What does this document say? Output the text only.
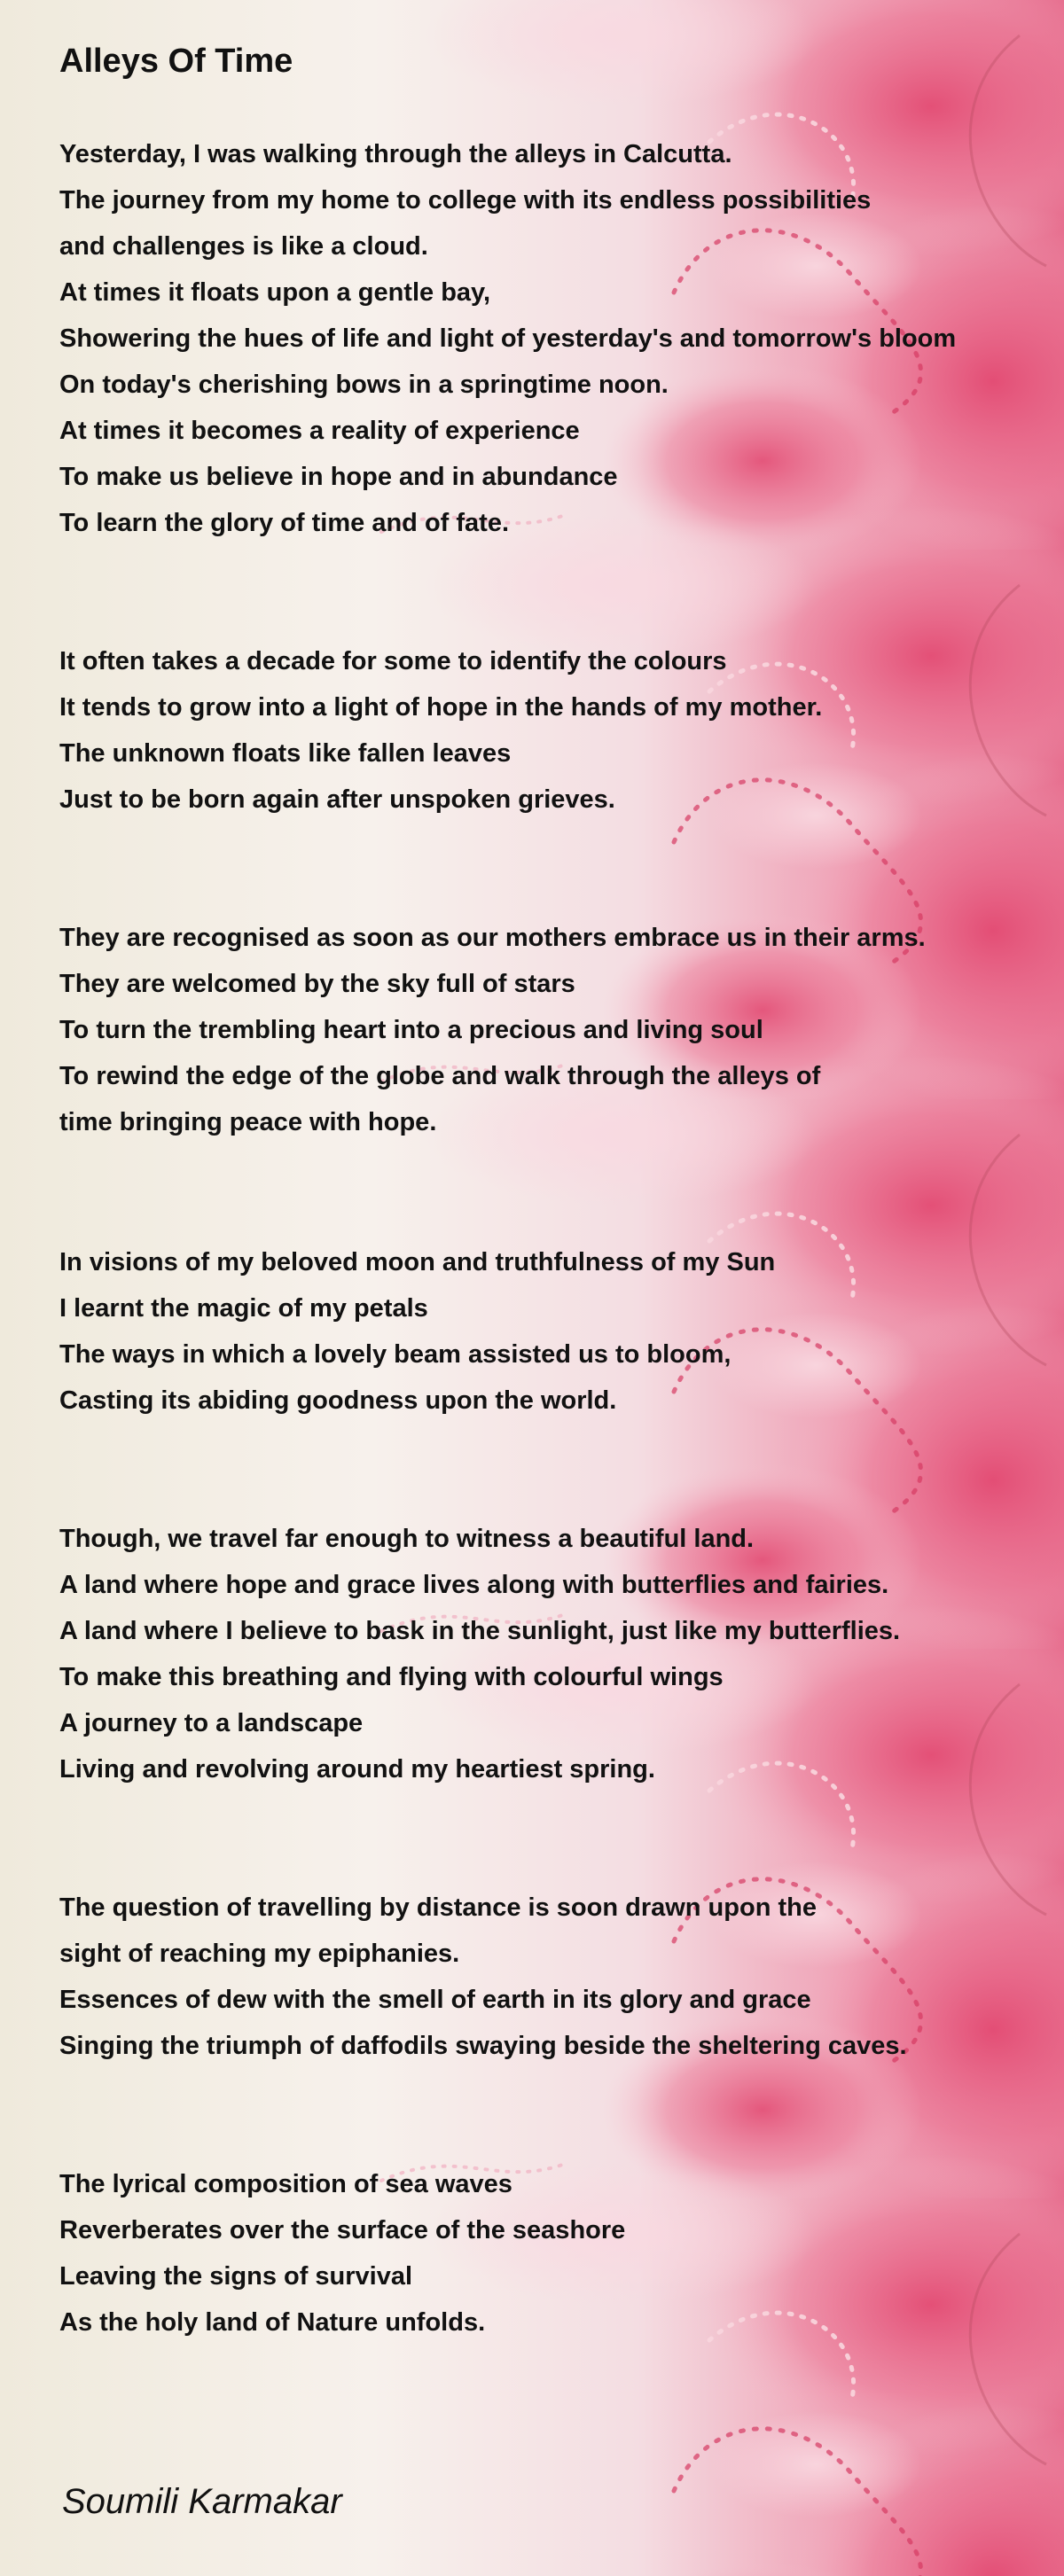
Alleys Of Time
Yesterday, I was walking through the alleys in Calcutta.
The journey from my home to college with its endless possibilities
and challenges is like a cloud.
At times it floats upon a gentle bay,
Showering the hues of life and light of yesterday's and tomorrow's bloom
On today's cherishing bows in a springtime noon.
At times it becomes a reality of experience
To make us believe in hope and in abundance
To learn the glory of time and of fate.
It often takes a decade for some to identify the colours
It tends to grow into a light of hope in the hands of my mother.
The unknown floats like fallen leaves
Just to be born again after unspoken grieves.
They are recognised as soon as our mothers embrace us in their arms.
They are welcomed by the sky full of stars
To turn the trembling heart into a precious and living soul
To rewind the edge of the globe and walk through the alleys of
time bringing peace with hope.
In visions of my beloved moon and truthfulness of my Sun
I learnt the magic of my petals
The ways in which a lovely beam assisted us to bloom,
Casting its abiding goodness upon the world.
Though, we travel far enough to witness a beautiful land.
A land where hope and grace lives along with butterflies and fairies.
A land where I believe to bask in the sunlight, just like my butterflies.
To make this breathing and flying with colourful wings
A journey to a landscape
Living and revolving around my heartiest spring.
The question of travelling by distance is soon drawn upon the
sight of reaching my epiphanies.
Essences of dew with the smell of earth in its glory and grace
Singing the triumph of daffodils swaying beside the sheltering caves.
The lyrical composition of sea waves
Reverberates over the surface of the seashore
Leaving the signs of survival
As the holy land of Nature unfolds.
Soumili Karmakar
